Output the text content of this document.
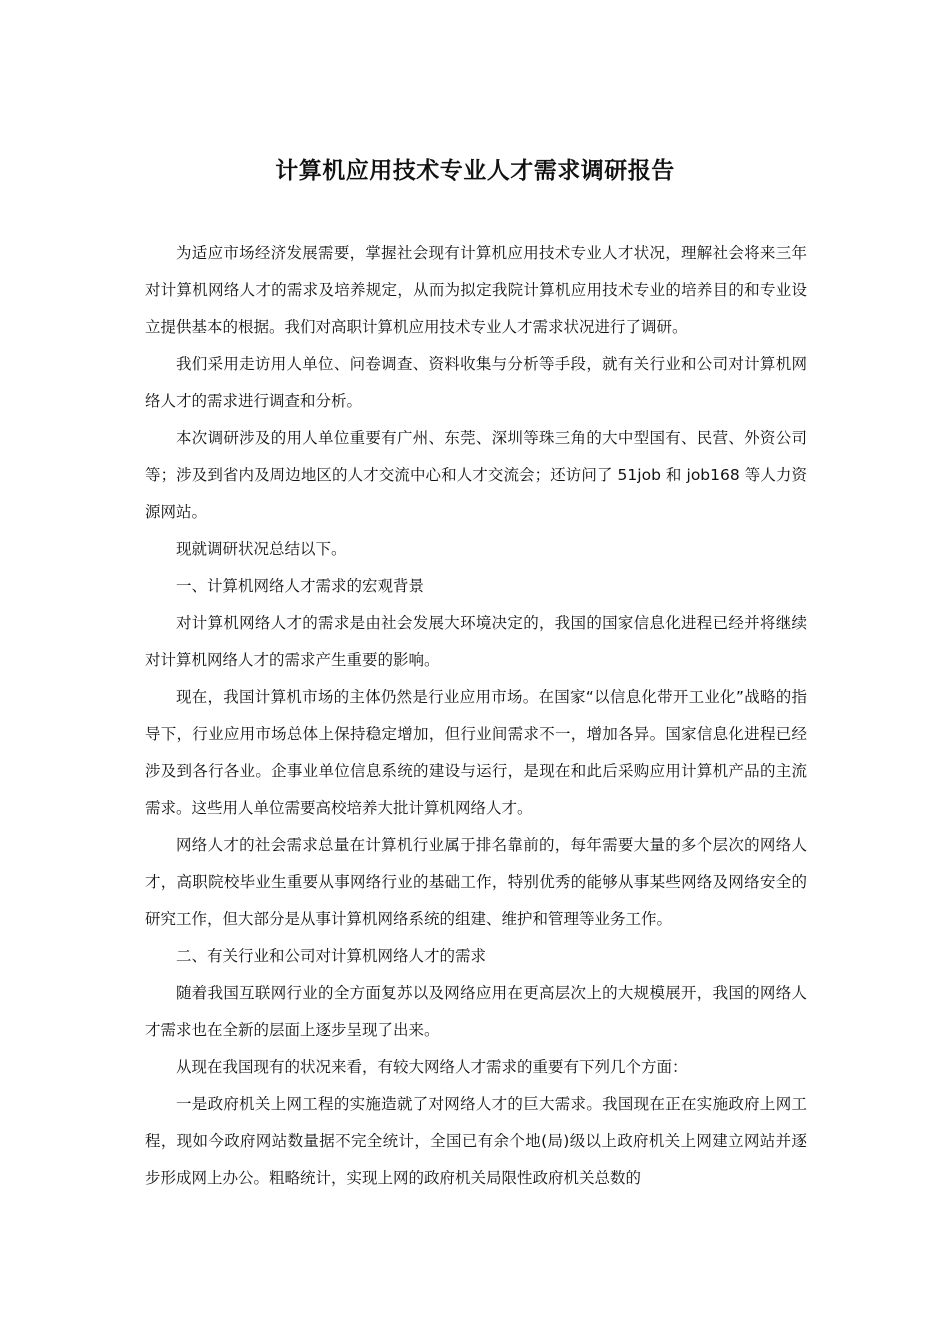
计算机应用技术专业人才需求调研报告

为适应市场经济发展需要，掌握社会现有计算机应用技术专业人才状况，理解社会将来三年对计算机网络人才的需求及培养规定，从而为拟定我院计算机应用技术专业的培养目的和专业设立提供基本的根据。我们对高职计算机应用技术专业人才需求状况进行了调研。

我们采用走访用人单位、问卷调查、资料收集与分析等手段，就有关行业和公司对计算机网络人才的需求进行调查和分析。

本次调研涉及的用人单位重要有广州、东莞、深圳等珠三角的大中型国有、民营、外资公司等；涉及到省内及周边地区的人才交流中心和人才交流会；还访问了 51job 和 job168 等人力资源网站。

现就调研状况总结以下。

一、计算机网络人才需求的宏观背景

对计算机网络人才的需求是由社会发展大环境决定的，我国的国家信息化进程已经并将继续对计算机网络人才的需求产生重要的影响。

现在，我国计算机市场的主体仍然是行业应用市场。在国家“以信息化带开工业化”战略的指导下，行业应用市场总体上保持稳定增加，但行业间需求不一，增加各异。国家信息化进程已经涉及到各行各业。企事业单位信息系统的建设与运行，是现在和此后采购应用计算机产品的主流需求。这些用人单位需要高校培养大批计算机网络人才。

网络人才的社会需求总量在计算机行业属于排名靠前的，每年需要大量的多个层次的网络人才，高职院校毕业生重要从事网络行业的基础工作，特别优秀的能够从事某些网络及网络安全的研究工作，但大部分是从事计算机网络系统的组建、维护和管理等业务工作。

二、有关行业和公司对计算机网络人才的需求

随着我国互联网行业的全方面复苏以及网络应用在更高层次上的大规模展开，我国的网络人才需求也在全新的层面上逐步呈现了出来。

从现在我国现有的状况来看，有较大网络人才需求的重要有下列几个方面：

一是政府机关上网工程的实施造就了对网络人才的巨大需求。我国现在正在实施政府上网工程，现如今政府网站数量据不完全统计，全国已有余个地(局)级以上政府机关上网建立网站并逐步形成网上办公。粗略统计，实现上网的政府机关局限性政府机关总数的
